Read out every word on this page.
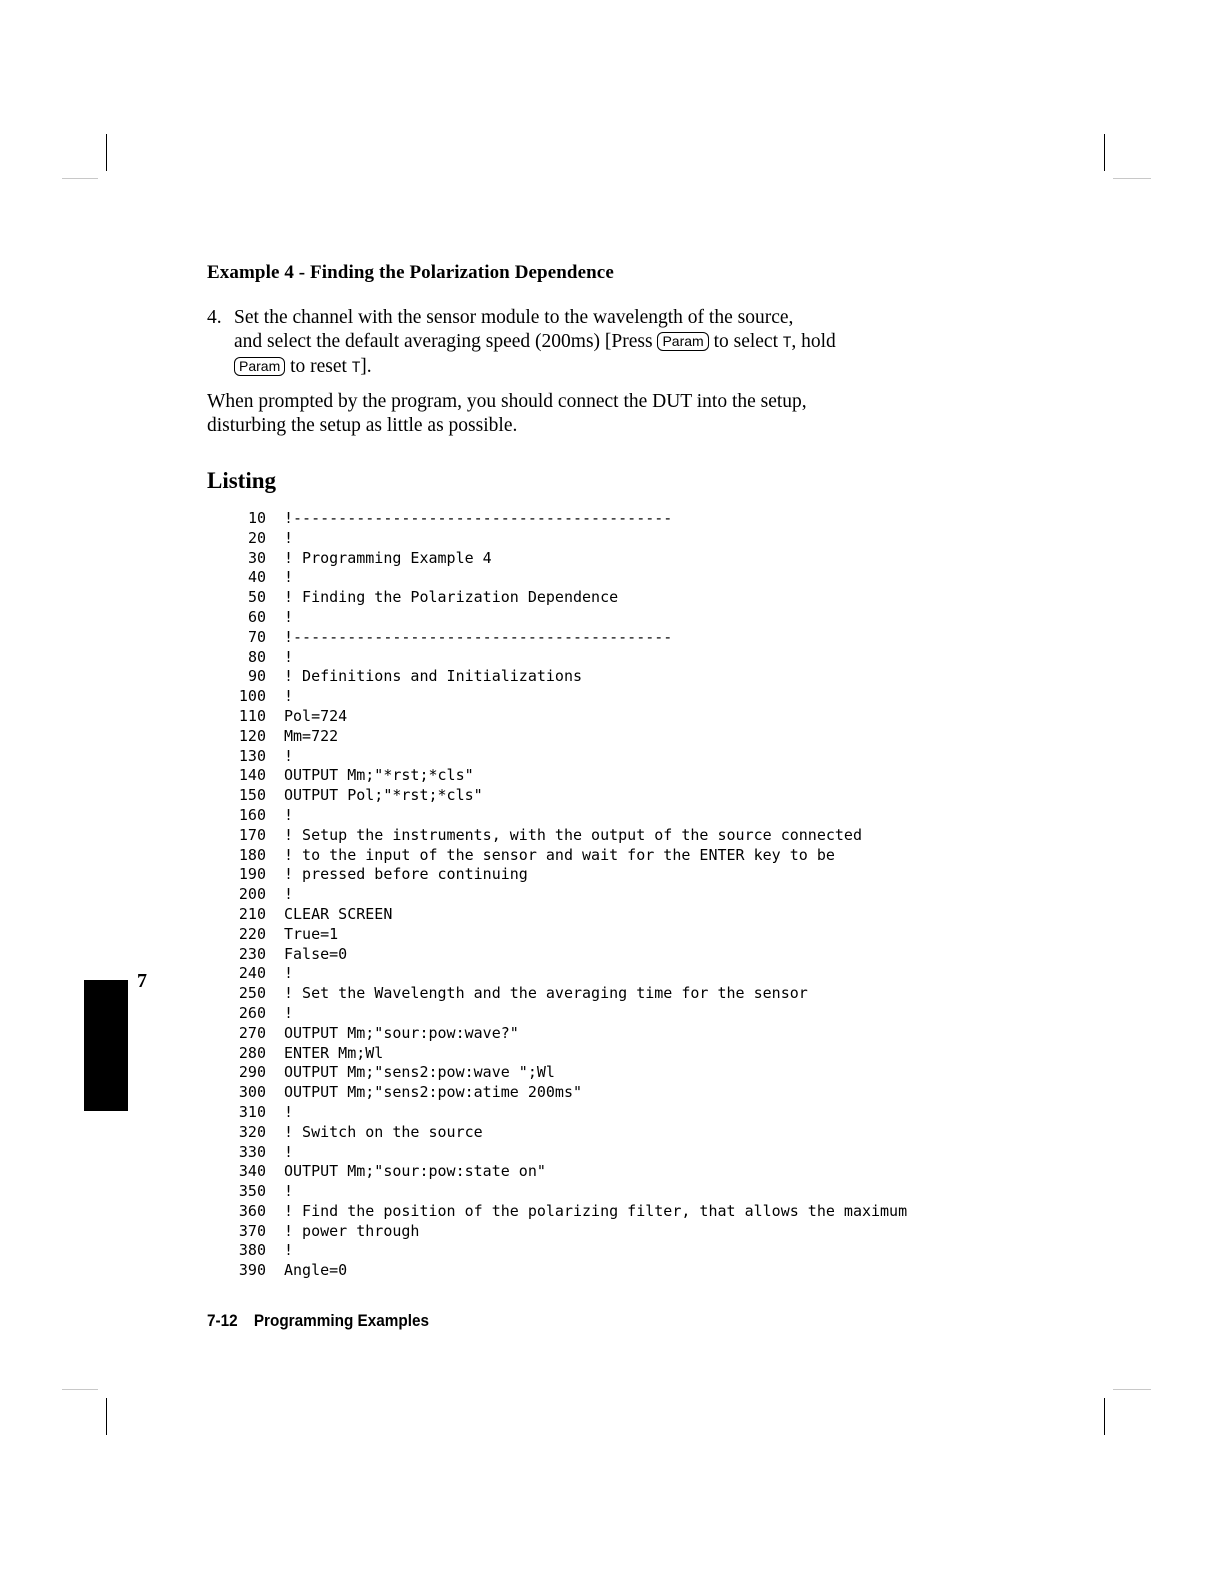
Example 4 - Finding the Polarization Dependence
4. Set the channel with the sensor module to the wavelength of the source,
and select the default averaging speed (200ms) [Press Param to select T, hold
Param to reset T].
When prompted by the program, you should connect the DUT into the setup,
disturbing the setup as little as possible.
Listing
10 !------------------------------------------
20 !
30 ! Programming Example 4
40 !
50 ! Finding the Polarization Dependence
60 !
70 !------------------------------------------
80 !
90 ! Definitions and Initializations
100 !
110 Pol=724
120 Mm=722
130 !
140 OUTPUT Mm;"*rst;*cls"
150 OUTPUT Pol;"*rst;*cls"
160 !
170 ! Setup the instruments, with the output of the source connected
180 ! to the input of the sensor and wait for the ENTER key to be
190 ! pressed before continuing
200 !
210 CLEAR SCREEN
220 True=1
230 False=0
240 !
250 ! Set the Wavelength and the averaging time for the sensor
260 !
270 OUTPUT Mm;"sour:pow:wave?"
280 ENTER Mm;Wl
290 OUTPUT Mm;"sens2:pow:wave ";Wl
300 OUTPUT Mm;"sens2:pow:atime 200ms"
310 !
320 ! Switch on the source
330 !
340 OUTPUT Mm;"sour:pow:state on"
350 !
360 ! Find the position of the polarizing filter, that allows the maximum
370 ! power through
380 !
390 Angle=0
7
7-12 Programming Examples
